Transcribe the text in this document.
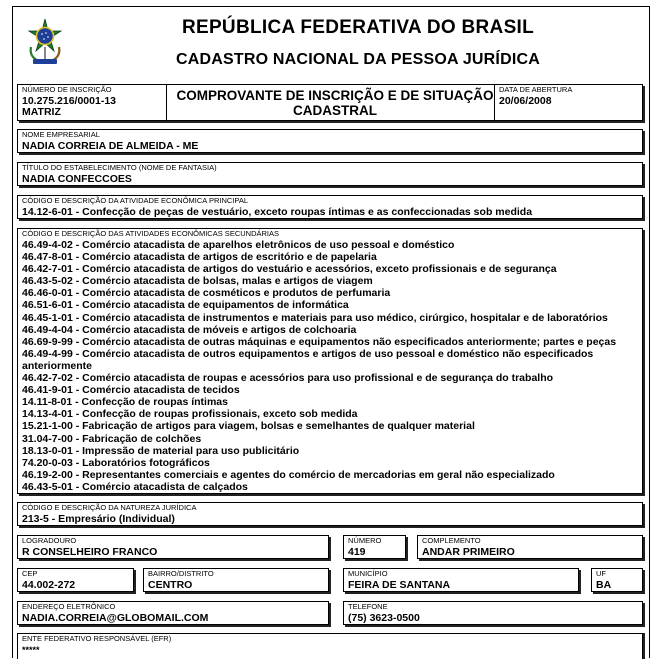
REPÚBLICA FEDERATIVA DO BRASIL
CADASTRO NACIONAL DA PESSOA JURÍDICA
NÚMERO DE INSCRIÇÃO
10.275.216/0001-13
MATRIZ
COMPROVANTE DE INSCRIÇÃO E DE SITUAÇÃO
CADASTRAL
DATA DE ABERTURA
20/06/2008
NOME EMPRESARIAL
NADIA CORREIA DE ALMEIDA - ME
TÍTULO DO ESTABELECIMENTO (NOME DE FANTASIA)
NADIA CONFECCOES
CÓDIGO E DESCRIÇÃO DA ATIVIDADE ECONÔMICA PRINCIPAL
14.12-6-01 - Confecção de peças de vestuário, exceto roupas íntimas e as confeccionadas sob medida
CÓDIGO E DESCRIÇÃO DAS ATIVIDADES ECONÔMICAS SECUNDÁRIAS
46.49-4-02 - Comércio atacadista de aparelhos eletrônicos de uso pessoal e doméstico
46.47-8-01 - Comércio atacadista de artigos de escritório e de papelaria
46.42-7-01 - Comércio atacadista de artigos do vestuário e acessórios, exceto profissionais e de segurança
46.43-5-02 - Comércio atacadista de bolsas, malas e artigos de viagem
46.46-0-01 - Comércio atacadista de cosméticos e produtos de perfumaria
46.51-6-01 - Comércio atacadista de equipamentos de informática
46.45-1-01 - Comércio atacadista de instrumentos e materiais para uso médico, cirúrgico, hospitalar e de laboratórios
46.49-4-04 - Comércio atacadista de móveis e artigos de colchoaria
46.69-9-99 - Comércio atacadista de outras máquinas e equipamentos não especificados anteriormente; partes e peças
46.49-4-99 - Comércio atacadista de outros equipamentos e artigos de uso pessoal e doméstico não especificados
anteriormente
46.42-7-02 - Comércio atacadista de roupas e acessórios para uso profissional e de segurança do trabalho
46.41-9-01 - Comércio atacadista de tecidos
14.11-8-01 - Confecção de roupas íntimas
14.13-4-01 - Confecção de roupas profissionais, exceto sob medida
15.21-1-00 - Fabricação de artigos para viagem, bolsas e semelhantes de qualquer material
31.04-7-00 - Fabricação de colchões
18.13-0-01 - Impressão de material para uso publicitário
74.20-0-03 - Laboratórios fotográficos
46.19-2-00 - Representantes comerciais e agentes do comércio de mercadorias em geral não especializado
46.43-5-01 - Comércio atacadista de calçados
CÓDIGO E DESCRIÇÃO DA NATUREZA JURÍDICA
213-5 - Empresário (Individual)
LOGRADOURO
R CONSELHEIRO FRANCO
NÚMERO
419
COMPLEMENTO
ANDAR PRIMEIRO
CEP
44.002-272
BAIRRO/DISTRITO
CENTRO
MUNICÍPIO
FEIRA DE SANTANA
UF
BA
ENDEREÇO ELETRÔNICO
NADIA.CORREIA@GLOBOMAIL.COM
TELEFONE
(75) 3623-0500
ENTE FEDERATIVO RESPONSÁVEL (EFR)
*****
